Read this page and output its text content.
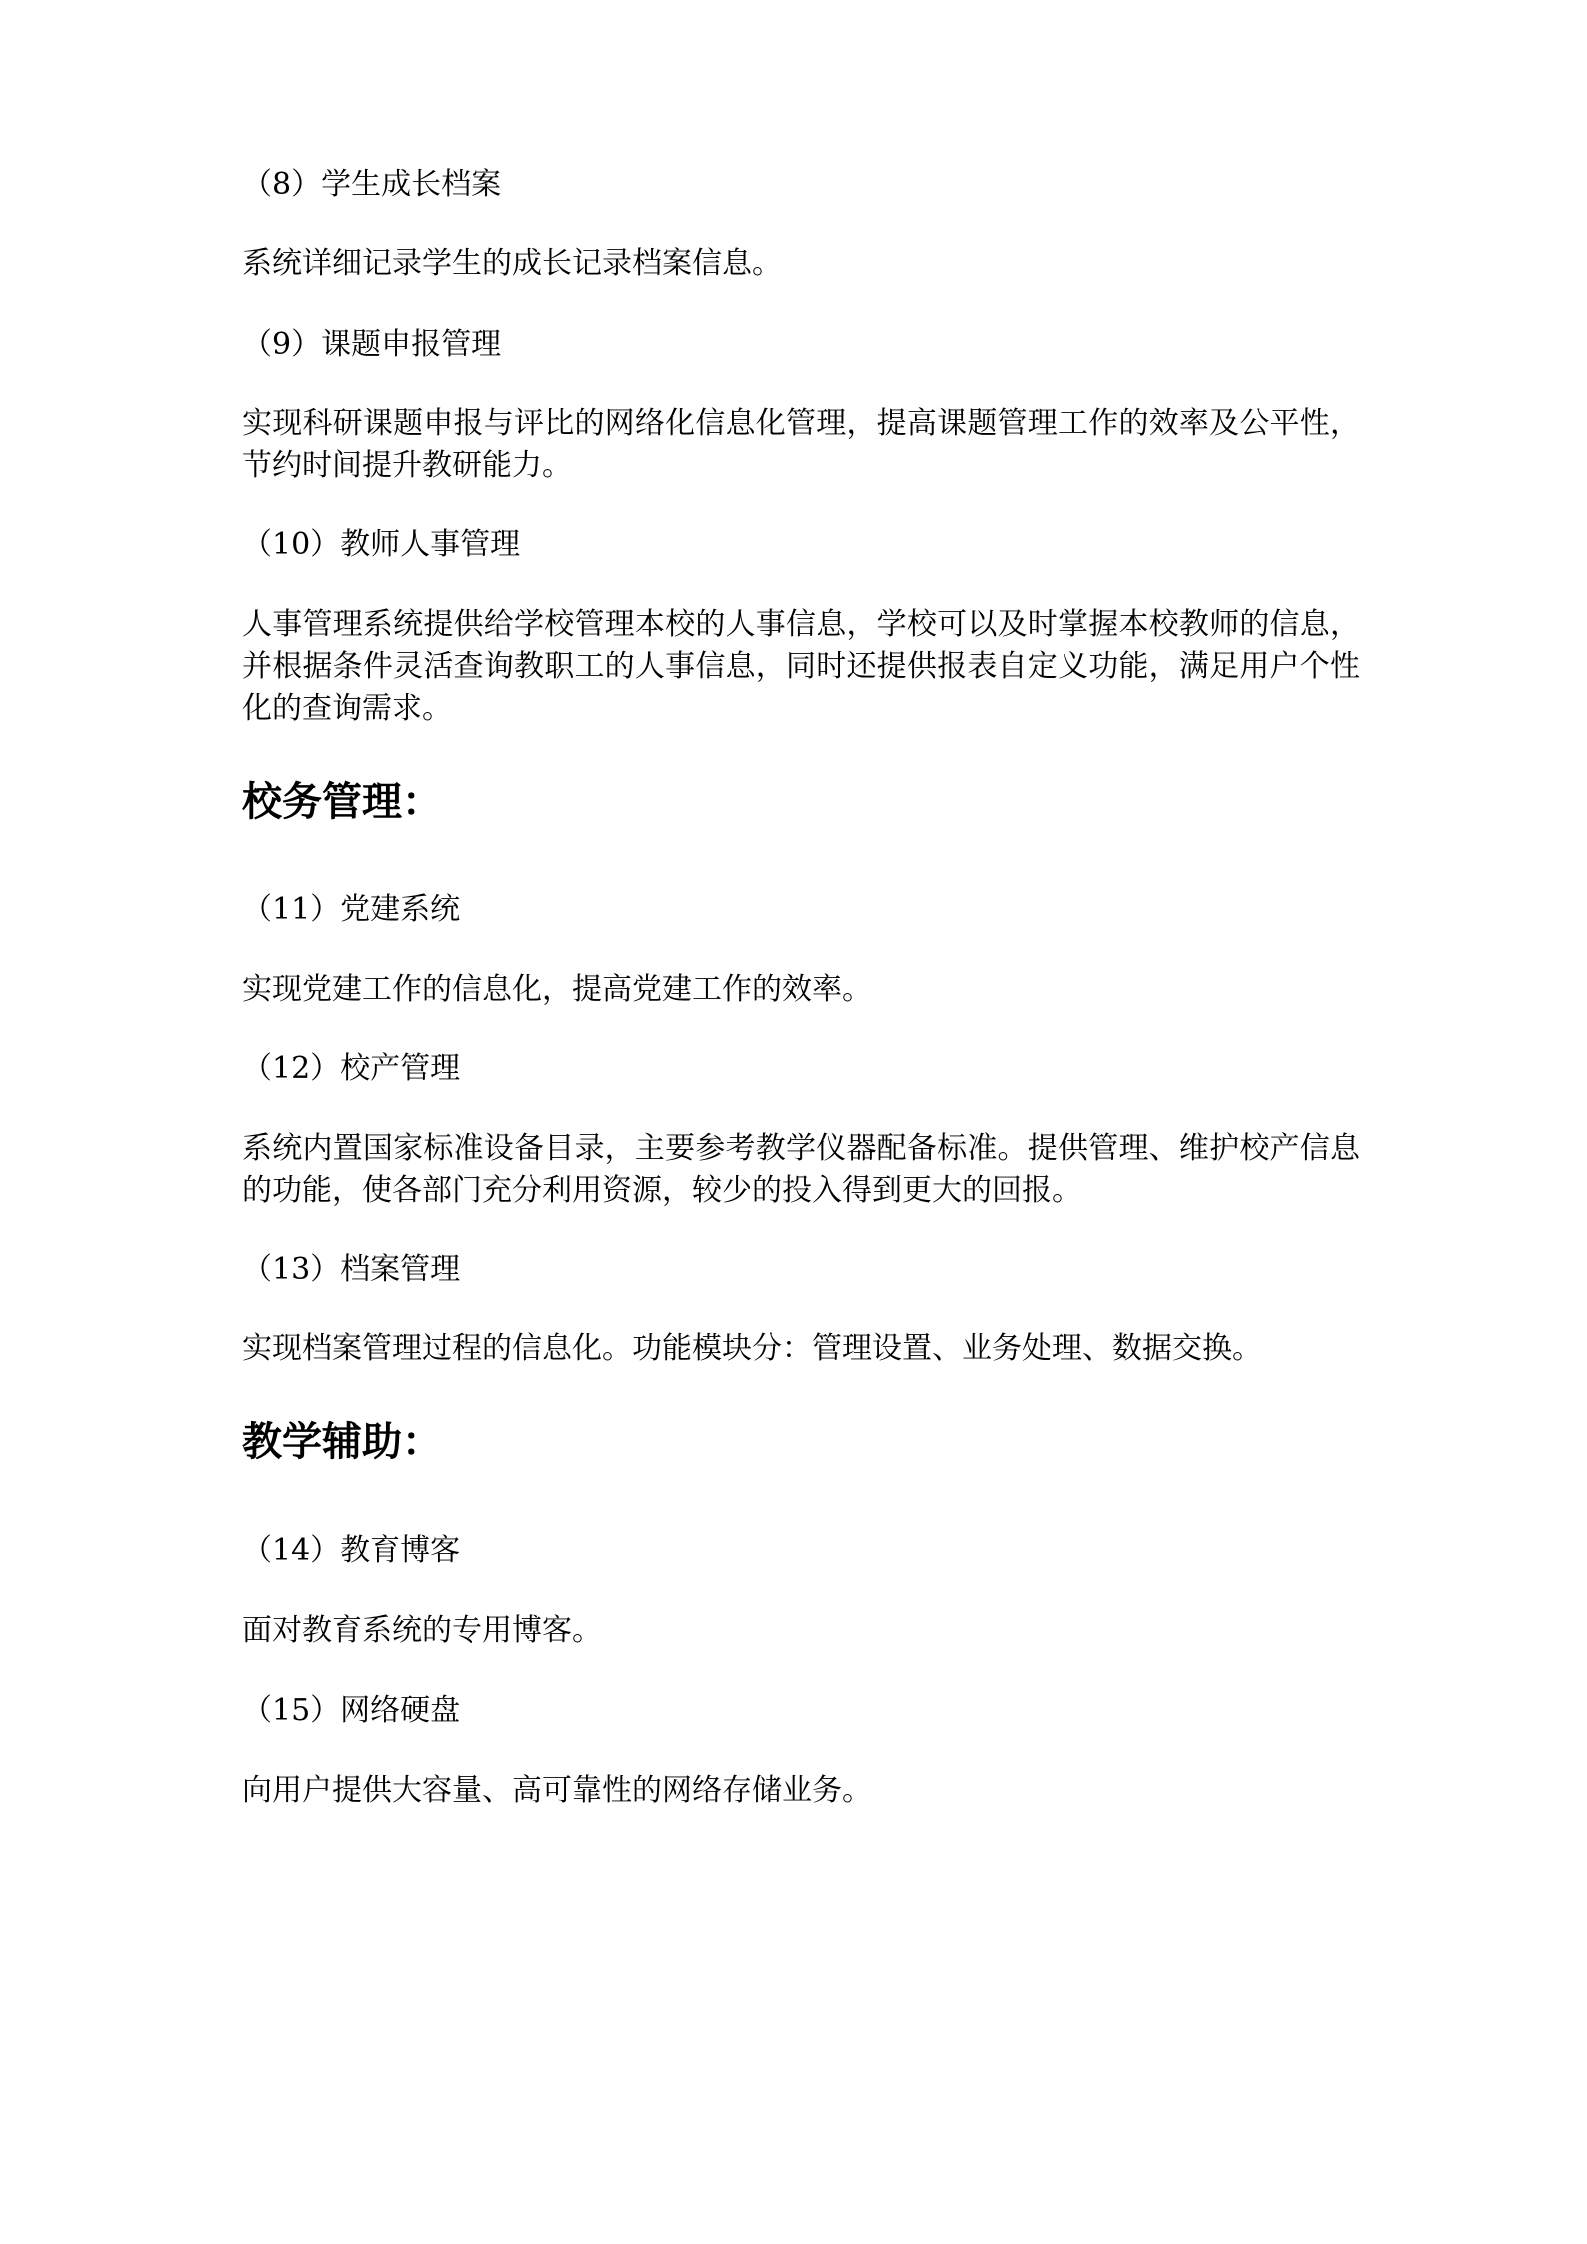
（8）学生成长档案

系统详细记录学生的成长记录档案信息。

（9）课题申报管理

实现科研课题申报与评比的网络化信息化管理，提高课题管理工作的效率及公平性，节约时间提升教研能力。

（10）教师人事管理

人事管理系统提供给学校管理本校的人事信息，学校可以及时掌握本校教师的信息，并根据条件灵活查询教职工的人事信息，同时还提供报表自定义功能，满足用户个性化的查询需求。

校务管理：

（11）党建系统

实现党建工作的信息化，提高党建工作的效率。

（12）校产管理

系统内置国家标准设备目录，主要参考教学仪器配备标准。提供管理、维护校产信息的功能，使各部门充分利用资源，较少的投入得到更大的回报。

（13）档案管理

实现档案管理过程的信息化。功能模块分：管理设置、业务处理、数据交换。

教学辅助：

（14）教育博客

面对教育系统的专用博客。

（15）网络硬盘

向用户提供大容量、高可靠性的网络存储业务。
